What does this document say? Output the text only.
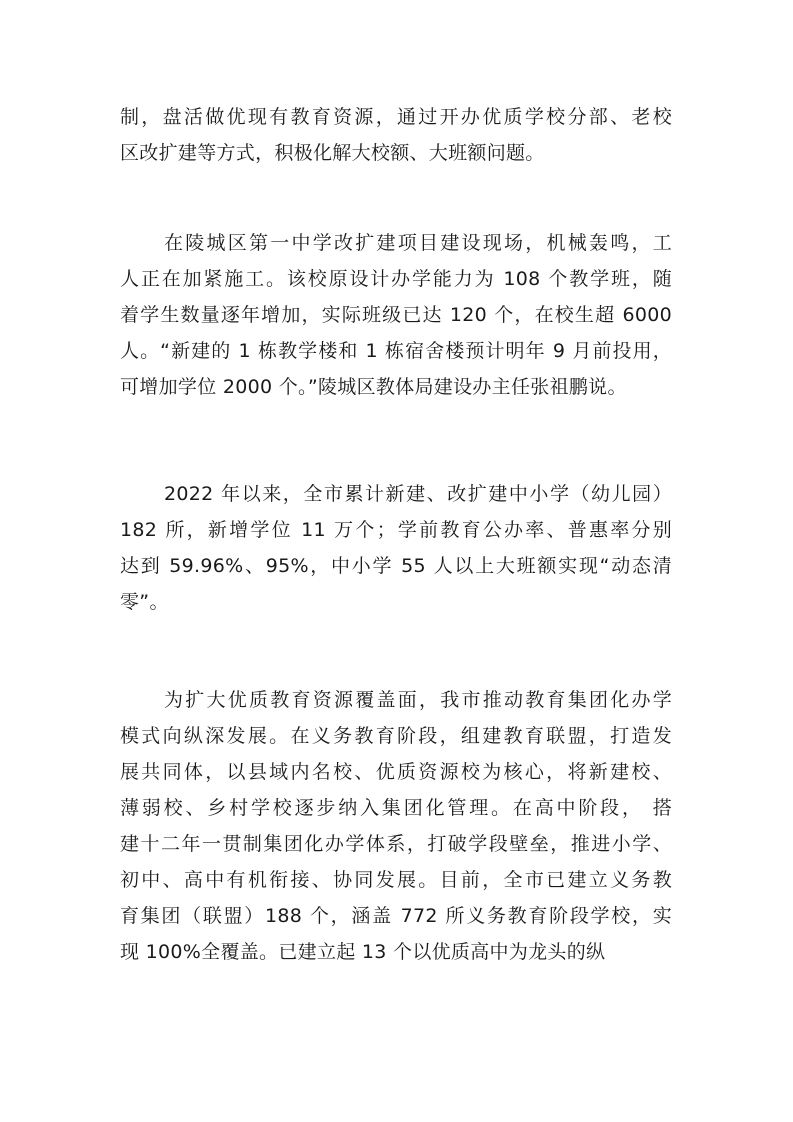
制，盘活做优现有教育资源，通过开办优质学校分部、老校
区改扩建等方式，积极化解大校额、大班额问题。
在陵城区第一中学改扩建项目建设现场，机械轰鸣，工
人正在加紧施工。该校原设计办学能力为 108 个教学班，随
着学生数量逐年增加，实际班级已达 120 个，在校生超 6000
人。“新建的 1 栋教学楼和 1 栋宿舍楼预计明年 9 月前投用，
可增加学位 2000 个。”陵城区教体局建设办主任张祖鹏说。
2022 年以来，全市累计新建、改扩建中小学（幼儿园）
182 所，新增学位 11 万个；学前教育公办率、普惠率分别
达到 59.96%、95%，中小学 55 人以上大班额实现“动态清
零”。
为扩大优质教育资源覆盖面，我市推动教育集团化办学
模式向纵深发展。在义务教育阶段，组建教育联盟，打造发
展共同体，以县域内名校、优质资源校为核心，将新建校、
薄弱校、乡村学校逐步纳入集团化管理。在高中阶段， 搭
建十二年一贯制集团化办学体系，打破学段壁垒，推进小学、
初中、高中有机衔接、协同发展。目前，全市已建立义务教
育集团（联盟）188 个，涵盖 772 所义务教育阶段学校，实
现 100%全覆盖。已建立起 13 个以优质高中为龙头的纵
